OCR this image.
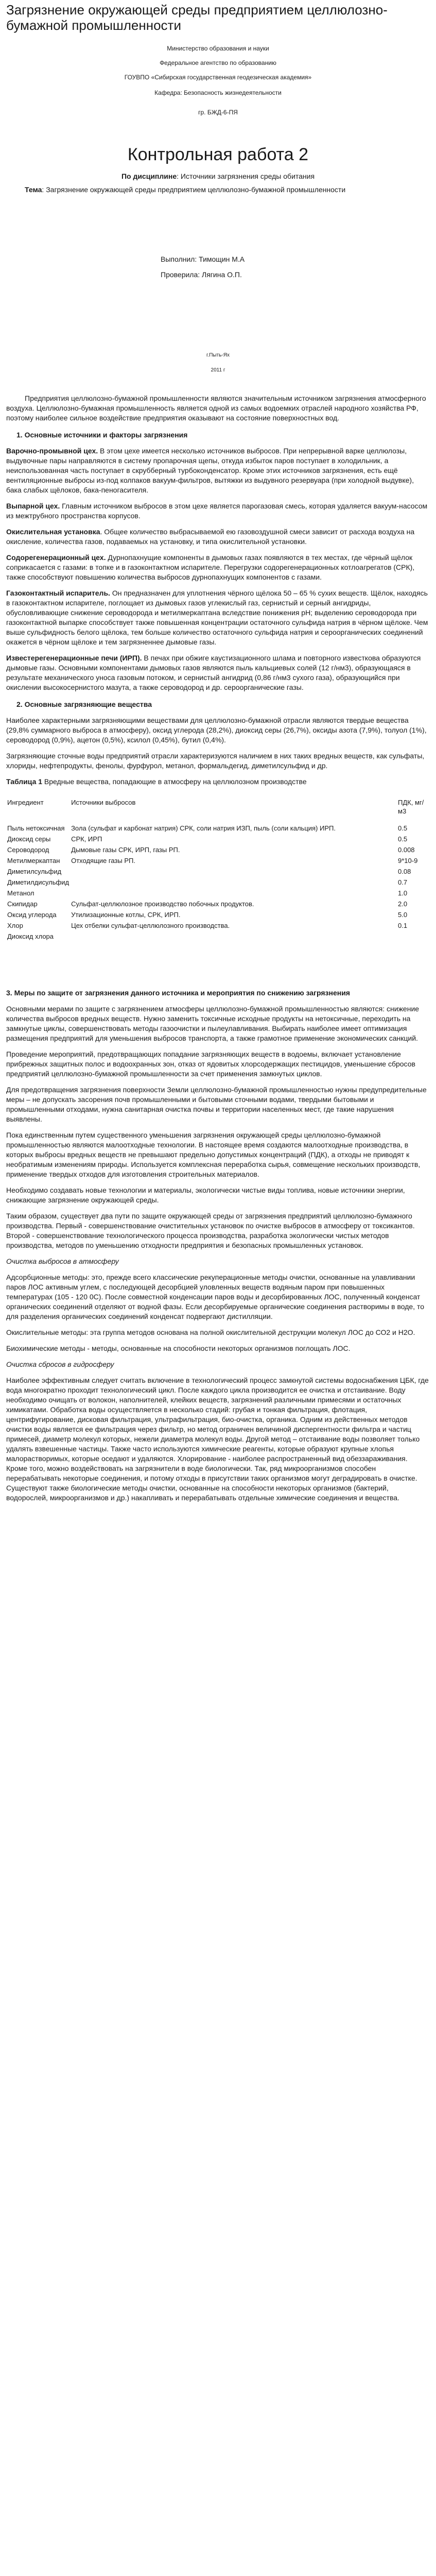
Загрязнение окружающей среды предприятием целлюлозно-бумажной промышленности
Министерство образования и науки
Федеральное агентство по образованию
ГОУВПО «Сибирская государственная геодезическая академия»
Кафедра: Безопасность жизнедеятельности
гр. БЖД-6-ПЯ
Контрольная работа 2
По дисциплине: Источники загрязнения среды обитания
Тема: Загрязнение окружающей среды предприятием целлюлозно-бумажной промышленности
Выполнил: Тимощин М.А
Проверила: Лягина О.П.
г.Пыть-Ях
2011 г

Предприятия целлюлозно-бумажной промышленности являются значительным источником загрязнения атмосферного воздуха. Целлюлозно-бумажная промышленность является одной из самых водоемких отраслей народного хозяйства РФ, поэтому наиболее сильное воздействие предприятия оказывают на состояние поверхностных вод.

1. Основные источники и факторы загрязнения

Варочно-промывной цех. В этом цехе имеется несколько источников выбросов. При непрерывной варке целлюлозы, выдувочные пары направляются в систему пропарочная щепы, откуда избыток паров поступает в холодильник, а неиспользованная часть поступает в скрубберный турбоконденсатор. Кроме этих источников загрязнения, есть ещё вентиляционные выбросы из-под колпаков вакуум-фильтров, вытяжки из выдувного резервуара (при холодной выдувке), бака слабых щёлоков, бака-пеногасителя.

Выпарной цех. Главным источником выбросов в этом цехе является парогазовая смесь, которая удаляется вакуум-насосом из межтрубного пространства корпусов.

Окислительная установка. Общее количество выбрасываемой ею газовоздушной смеси зависит от расхода воздуха на окисление, количества газов, подаваемых на установку, и типа окислительной установки.

Содорегенерационный цех. Дурнопахнущие компоненты в дымовых газах появляются в тех местах, где чёрный щёлок соприкасается с газами: в топке и в газоконтактном испарителе. Перегрузки содорегенерационных котлоагрегатов (СРК), также способствуют повышению количества выбросов дурнопахнущих компонентов с газами.

Газоконтактный испаритель. Он предназначен для уплотнения чёрного щёлока 50 – 65 % сухих веществ. Щёлок, находясь в газоконтактном испарителе, поглощает из дымовых газов углекислый газ, сернистый и серный ангидриды, обусловливающие снижение сероводорода и метилмеркаптана вследствие понижения pH; выделению сероводорода при газоконтактной выпарке способствует также повышенная концентрации остаточного сульфида натрия в чёрном щёлоке. Чем выше сульфидность белого щёлока, тем больше количество остаточного сульфида натрия и сероорганических соединений окажется в чёрном щёлоке и тем загрязненнее дымовые газы.

Известерегенерационные печи (ИРП). В печах при обжиге каустизационного шлама и повторного известкова образуются дымовые газы. Основными компонентами дымовых газов являются пыль кальциевых солей (12 г/нм3), образующаяся в результате механического уноса газовым потоком, и сернистый ангидрид (0,86 г/нм3 сухого газа), образующийся при окислении высокосернистого мазута, а также сероводород и др. сероорганические газы.

2. Основные загрязняющие вещества

Наиболее характерными загрязняющими веществами для целлюлозно-бумажной отрасли являются твердые вещества (29,8% суммарного выброса в атмосферу), оксид углерода (28,2%), диоксид серы (26,7%), оксиды азота (7,9%), толуол (1%), сероводород (0,9%), ацетон (0,5%), ксилол (0,45%), бутил (0,4%).

Загрязняющие сточные воды предприятий отрасли характеризуются наличием в них таких вредных веществ, как сульфаты, хлориды, нефтепродукты, фенолы, фурфурол, метанол, формальдегид, диметилсульфид и др.

Таблица 1 Вредные вещества, попадающие в атмосферу на целлюлозном производстве
Ингредиент	Источники выбросов	ПДК, мг/м3

Пыль нетоксичная	Зола (сульфат и карбонат натрия) СРК, соли натрия ИЗП, пыль (соли кальция) ИРП.	0.5
Диоксид серы	СРК, ИРП	0.5
Сероводород	Дымовые газы СРК, ИРП, газы РП.	0.008
Метилмеркаптан	Отходящие газы РП.	9*10-9
Диметилсульфид		0.08
Диметилдисульфид		0.7
Метанол		1.0
Скипидар	Сульфат-целлюлозное производство побочных продуктов.	2.0
Оксид углерода	Утилизационные котлы, СРК, ИРП.	5.0
Хлор	Цех отбелки сульфат-целлюлозного производства.	0.1
Диоксид хлора		
3. Меры по защите от загрязнения данного источника и мероприятия по снижению загрязнения

Основными мерами по защите с загрязнением атмосферы целлюлозно-бумажной промышленностью являются: снижение количества выбросов вредных веществ. Нужно заменить токсичные исходные продукты на нетоксичные, переходить на замкнутые циклы, совершенствовать методы газоочистки и пылеулавливания. Выбирать наиболее имеет оптимизация размещения предприятий для уменьшения выбросов транспорта, а также грамотное применение экономических санкций.

Проведение мероприятий, предотвращающих попадание загрязняющих веществ в водоемы, включает установление прибрежных защитных полос и водоохранных зон, отказ от ядовитых хлорсодержащих пестицидов, уменьшение сбросов предприятий целлюлозно-бумажной промышленности за счет применения замкнутых циклов.

Для предотвращения загрязнения поверхности Земли целлюлозно-бумажной промышленностью нужны предупредительные меры – не допускать засорения почв промышленными и бытовыми сточными водами, твердыми бытовыми и промышленными отходами, нужна санитарная очистка почвы и территории населенных мест, где такие нарушения выявлены.

Пока единственным путем существенного уменьшения загрязнения окружающей среды целлюлозно-бумажной промышленностью являются малоотходные технологии. В настоящее время создаются малоотходные производства, в которых выбросы вредных веществ не превышают предельно допустимых концентраций (ПДК), а отходы не приводят к необратимым изменениям природы. Используется комплексная переработка сырья, совмещение нескольких производств, применение твердых отходов для изготовления строительных материалов.

Необходимо создавать новые технологии и материалы, экологически чистые виды топлива, новые источники энергии, снижающие загрязнение окружающей среды.

Таким образом, существует два пути по защите окружающей среды от загрязнения предприятий целлюлозно-бумажного производства. Первый - совершенствование очистительных установок по очистке выбросов в атмосферу от токсикантов. Второй - совершенствование технологического процесса производства, разработка экологически чистых методов производства, методов по уменьшению отходности предприятия и безопасных промышленных установок.

Очистка выбросов в атмосферу

Адсорбционные методы: это, прежде всего классические рекуперационные методы очистки, основанные на улавливании паров ЛОС активным углем, с последующей десорбцией уловленных веществ водяным паром при повышенных температурах (105 - 120 0С). После совместной конденсации паров воды и десорбированных ЛОС, полученный конденсат органических соединений отделяют от водной фазы. Если десорбируемые органические соединения растворимы в воде, то для разделения органических соединений конденсат подвергают дистилляции.

Окислительные методы: эта группа методов основана на полной окислительной деструкции молекул ЛОС до СО2 и Н2О.

Биохимические методы - методы, основанные на способности некоторых организмов поглощать ЛОС.

Очистка сбросов в гидросферу

Наиболее эффективным следует считать включение в технологический процесс замкнутой системы водоснабжения ЦБК, где вода многократно проходит технологический цикл. После каждого цикла производится ее очистка и отстаивание. Воду необходимо очищать от волокон, наполнителей, клейких веществ, загрязнений различными примесями и остаточных химикатами. Обработка воды осуществляется в несколько стадий: грубая и тонкая фильтрация, флотация, центрифугирование, дисковая фильтрация, ультрафильтрация, био-очистка, органика. Одним из действенных методов очистки воды является ее фильтрация через фильтр, но метод ограничен величиной диспергентности фильтра и частиц примесей, диаметр молекул которых, нежели диаметра молекул воды. Другой метод – отстаивание воды позволяет только удалять взвешенные частицы. Также часто используются химические реагенты, которые образуют крупные хлопья малорастворимых, которые оседают и удаляются. Хлорирование - наиболее распространенный вид обеззараживания. Кроме того, можно воздействовать на загрязнители в воде биологически. Так, ряд микроорганизмов способен перерабатывать некоторые соединения, и потому отходы в присутствии таких организмов могут деградировать в очистке. Существуют также биологические методы очистки, основанные на способности некоторых организмов (бактерий, водорослей, микроорганизмов и др.) накапливать и перерабатывать отдельные химические соединения и вещества.
